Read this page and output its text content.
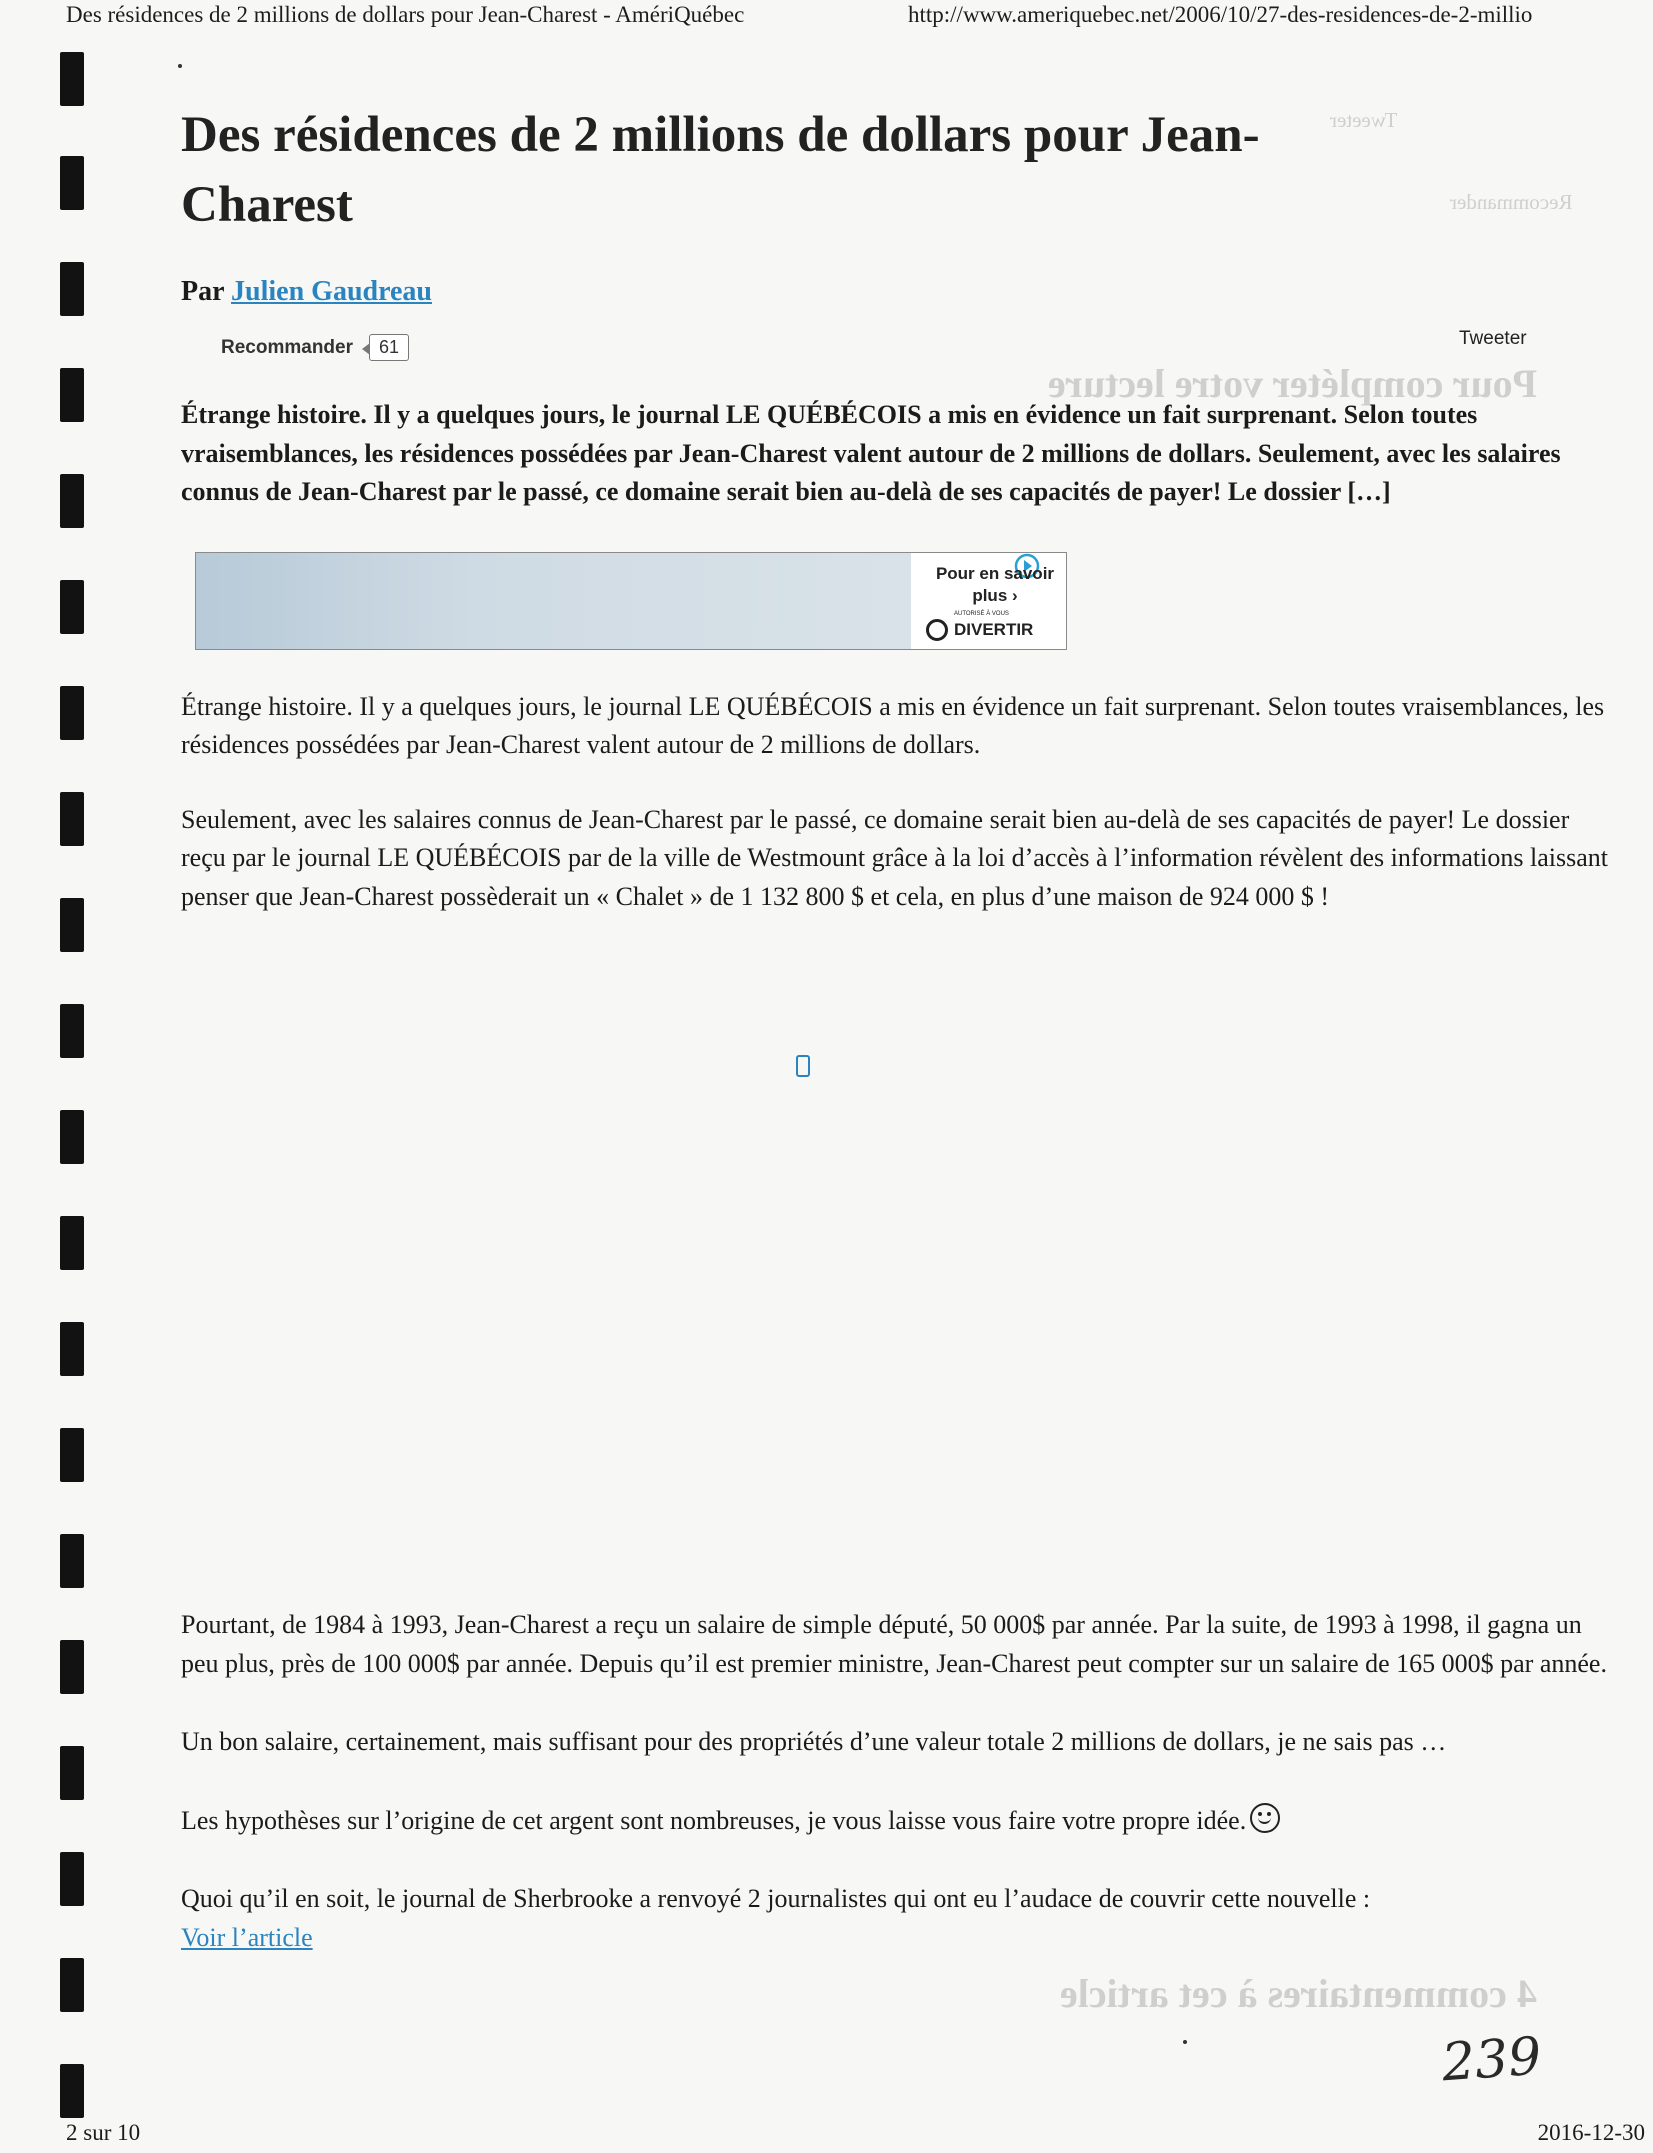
Pour compléter votre lecture
Tweeter
Recommander
4 commentaires à cet article

Des résidences de 2 millions de dollars pour Jean-Charest - AmériQuébec	http://www.ameriquebec.net/2006/10/27-des-residences-de-2-millio
Des résidences de 2 millions de dollars pour Jean-Charest
Par Julien Gaudreau
Recommander	61	Tweeter

Étrange histoire. Il y a quelques jours, le journal LE QUÉBÉCOIS a mis en évidence un fait surprenant. Selon toutes vraisemblances, les résidences possédées par Jean-Charest valent autour de 2 millions de dollars. Seulement, avec les salaires connus de Jean-Charest par le passé, ce domaine serait bien au-delà de ses capacités de payer! Le dossier […]

Pour en savoir plus ›
DIVERTIR
AUTORISÉ À VOUS

Étrange histoire. Il y a quelques jours, le journal LE QUÉBÉCOIS a mis en évidence un fait surprenant. Selon toutes vraisemblances, les résidences possédées par Jean-Charest valent autour de 2 millions de dollars.

Seulement, avec les salaires connus de Jean-Charest par le passé, ce domaine serait bien au-delà de ses capacités de payer! Le dossier reçu par le journal LE QUÉBÉCOIS par de la ville de Westmount grâce à la loi d’accès à l’information révèlent des informations laissant penser que Jean-Charest possèderait un « Chalet » de 1 132 800 $ et cela, en plus d’une maison de 924 000 $ !

Pourtant, de 1984 à 1993, Jean-Charest a reçu un salaire de simple député, 50 000$ par année. Par la suite, de 1993 à 1998, il gagna un peu plus, près de 100 000$ par année. Depuis qu’il est premier ministre, Jean-Charest peut compter sur un salaire de 165 000$ par année.

Un bon salaire, certainement, mais suffisant pour des propriétés d’une valeur totale 2 millions de dollars, je ne sais pas …

Les hypothèses sur l’origine de cet argent sont nombreuses, je vous laisse vous faire votre propre idée.

Quoi qu’il en soit, le journal de Sherbrooke a renvoyé 2 journalistes qui ont eu l’audace de couvrir cette nouvelle :
Voir l’article

239
2 sur 10	2016-12-30
